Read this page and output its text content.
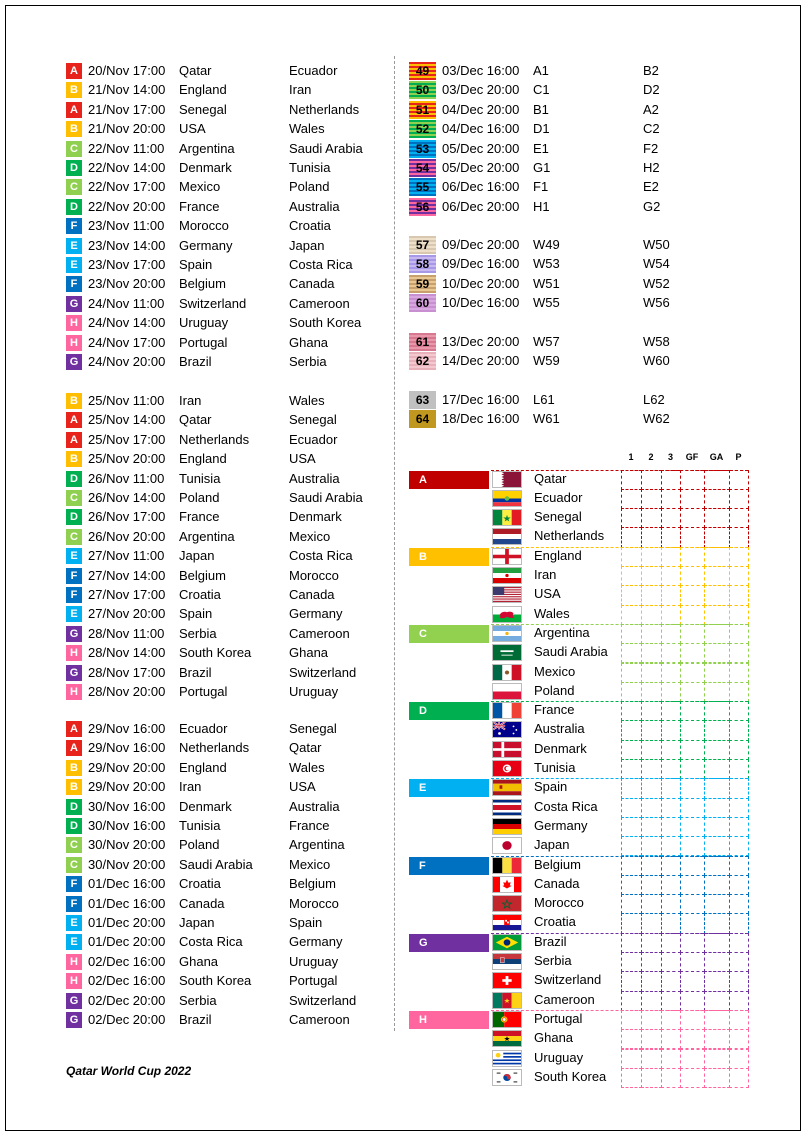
A 20/Nov 17:00 Qatar	Ecuador
B 21/Nov 14:00 England	Iran
A 21/Nov 17:00 Senegal	Netherlands
B 21/Nov 20:00 USA	Wales
C 22/Nov 11:00 Argentina	Saudi Arabia
D 22/Nov 14:00 Denmark	Tunisia
C 22/Nov 17:00 Mexico	Poland
D 22/Nov 20:00 France	Australia
F 23/Nov 11:00 Morocco	Croatia
E 23/Nov 14:00 Germany	Japan
E 23/Nov 17:00 Spain	Costa Rica
F 23/Nov 20:00 Belgium	Canada
G 24/Nov 11:00 Switzerland	Cameroon
H 24/Nov 14:00 Uruguay	South Korea
H 24/Nov 17:00 Portugal	Ghana
G 24/Nov 20:00 Brazil	Serbia
B 25/Nov 11:00 Iran	Wales
A 25/Nov 14:00 Qatar	Senegal
A 25/Nov 17:00 Netherlands	Ecuador
B 25/Nov 20:00 England	USA
D 26/Nov 11:00 Tunisia	Australia
C 26/Nov 14:00 Poland	Saudi Arabia
D 26/Nov 17:00 France	Denmark
C 26/Nov 20:00 Argentina	Mexico
E 27/Nov 11:00 Japan	Costa Rica
F 27/Nov 14:00 Belgium	Morocco
F 27/Nov 17:00 Croatia	Canada
E 27/Nov 20:00 Spain	Germany
G 28/Nov 11:00 Serbia	Cameroon
H 28/Nov 14:00 South Korea	Ghana
G 28/Nov 17:00 Brazil	Switzerland
H 28/Nov 20:00 Portugal	Uruguay
A 29/Nov 16:00 Ecuador	Senegal
A 29/Nov 16:00 Netherlands	Qatar
B 29/Nov 20:00 England	Wales
B 29/Nov 20:00 Iran	USA
D 30/Nov 16:00 Denmark	Australia
D 30/Nov 16:00 Tunisia	France
C 30/Nov 20:00 Poland	Argentina
C 30/Nov 20:00 Saudi Arabia	Mexico
F 01/Dec 16:00 Croatia	Belgium
F 01/Dec 16:00 Canada	Morocco
E 01/Dec 20:00 Japan	Spain
E 01/Dec 20:00 Costa Rica	Germany
H 02/Dec 16:00 Ghana	Uruguay
H 02/Dec 16:00 South Korea	Portugal
G 02/Dec 20:00 Serbia	Switzerland
G 02/Dec 20:00 Brazil	Cameroon
49 03/Dec 16:00 A1	B2
50 03/Dec 20:00 C1	D2
51 04/Dec 20:00 B1	A2
52 04/Dec 16:00 D1	C2
53 05/Dec 20:00 E1	F2
54 05/Dec 20:00 G1	H2
55 06/Dec 16:00 F1	E2
56 06/Dec 20:00 H1	G2
57 09/Dec 20:00 W49	W50
58 09/Dec 16:00 W53	W54
59 10/Dec 20:00 W51	W52
60 10/Dec 16:00 W55	W56
61 13/Dec 20:00 W57	W58
62 14/Dec 20:00 W59	W60
63 17/Dec 16:00 L61	L62
64 18/Dec 16:00 W61	W62
1	2	3	GF	GA	P
A	Qatar
Ecuador
Senegal
Netherlands
B	England
Iran
USA
Wales
C	Argentina
Saudi Arabia
Mexico
Poland
D	France
Australia
Denmark
Tunisia
E	Spain
Costa Rica
Germany
Japan
F	Belgium
Canada
Morocco
Croatia
G	Brazil
Serbia
Switzerland
Cameroon
H	Portugal
Ghana
Uruguay
South Korea
Qatar World Cup 2022
